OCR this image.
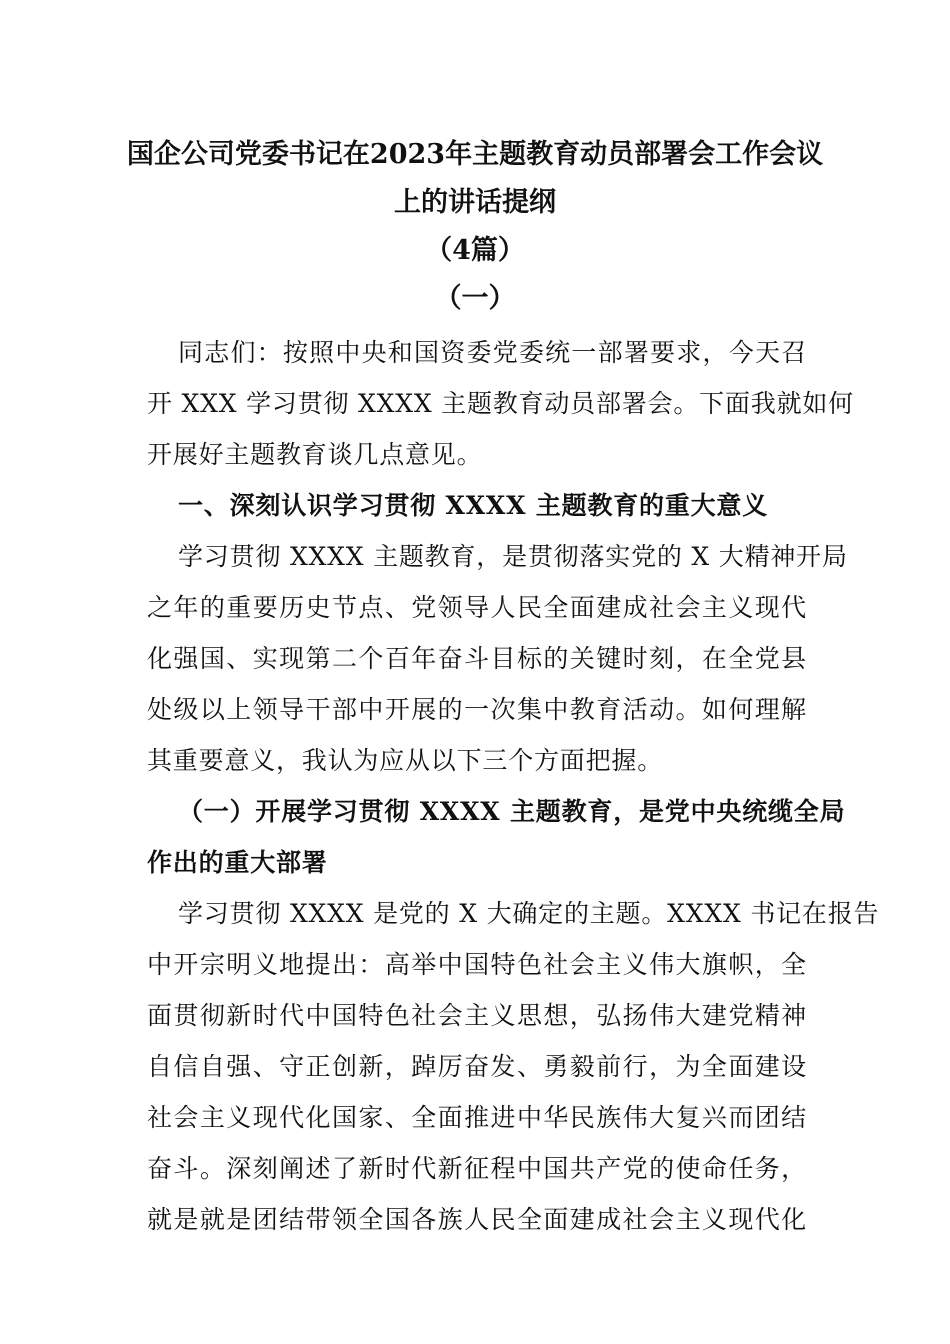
国企公司党委书记在2023年主题教育动员部署会工作会议
上的讲话提纲
（4篇）
（一）
同志们：按照中央和国资委党委统一部署要求，今天召
开 XXX 学习贯彻 XXXX 主题教育动员部署会。下面我就如何
开展好主题教育谈几点意见。
一、深刻认识学习贯彻 XXXX 主题教育的重大意义
学习贯彻 XXXX 主题教育，是贯彻落实党的 X 大精神开局
之年的重要历史节点、党领导人民全面建成社会主义现代
化强国、实现第二个百年奋斗目标的关键时刻，在全党县
处级以上领导干部中开展的一次集中教育活动。如何理解
其重要意义，我认为应从以下三个方面把握。
（一）开展学习贯彻 XXXX 主题教育，是党中央统缆全局
作出的重大部署
学习贯彻 XXXX 是党的 X 大确定的主题。XXXX 书记在报告
中开宗明义地提出：高举中国特色社会主义伟大旗帜，全
面贯彻新时代中国特色社会主义思想，弘扬伟大建党精神
自信自强、守正创新，踔厉奋发、勇毅前行，为全面建设
社会主义现代化国家、全面推进中华民族伟大复兴而团结
奋斗。深刻阐述了新时代新征程中国共产党的使命任务，
就是就是团结带领全国各族人民全面建成社会主义现代化
